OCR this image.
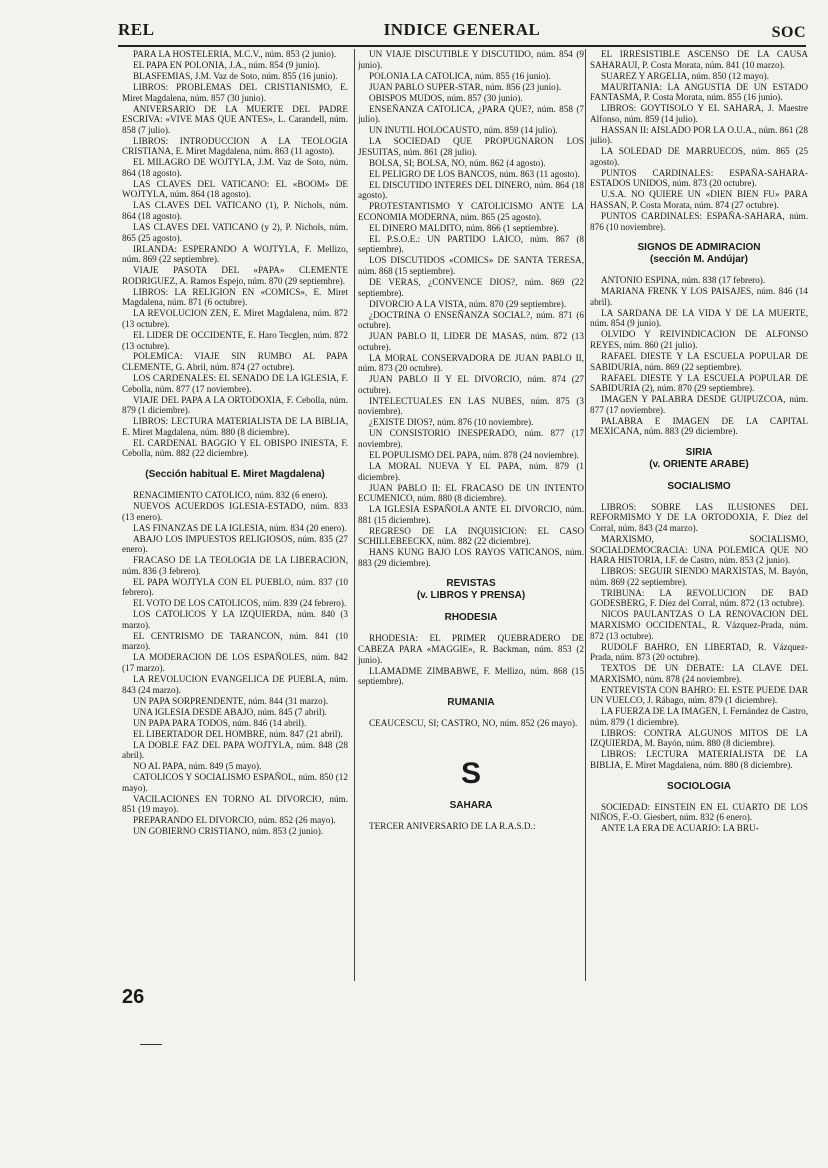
REL	INDICE GENERAL	SOC
PARA LA HOSTELERIA, M.C.V., núm. 853 (2 junio).
EL PAPA EN POLONIA, J.A., núm. 854 (9 junio).
BLASFEMIAS, J.M. Vaz de Soto, núm. 855 (16 junio).
LIBROS: PROBLEMAS DEL CRISTIANISMO, E. Miret Magdalena, núm. 857 (30 junio).
ANIVERSARIO DE LA MUERTE DEL PADRE ESCRIVA: «VIVE MAS QUE ANTES», L. Carandell, núm. 858 (7 julio).
LIBROS: INTRODUCCION A LA TEOLOGIA CRISTIANA, E. Miret Magdalena, núm. 863 (11 agosto).
EL MILAGRO DE WOJTYLA, J.M. Vaz de Soto, núm. 864 (18 agosto).
LAS CLAVES DEL VATICANO: EL «BOOM» DE WOJTYLA, núm. 864 (18 agosto).
LAS CLAVES DEL VATICANO (1), P. Nichols, núm. 864 (18 agosto).
LAS CLAVES DEL VATICANO (y 2), P. Nichols, núm. 865 (25 agosto).
IRLANDA: ESPERANDO A WOJTYLA, F. Mellizo, núm. 869 (22 septiembre).
VIAJE PASOTA DEL «PAPA» CLEMENTE RODRIGUEZ, A. Ramos Espejo, núm. 870 (29 septiembre).
LIBROS: LA RELIGION EN «COMICS», E. Miret Magdalena, núm. 871 (6 octubre).
LA REVOLUCION ZEN, E. Miret Magdalena, núm. 872 (13 octubre).
EL LIDER DE OCCIDENTE, E. Haro Tecglen, núm. 872 (13 octubre).
POLEMICA: VIAJE SIN RUMBO AL PAPA CLEMENTE, G. Abril, núm. 874 (27 octubre).
LOS CARDENALES: EL SENADO DE LA IGLESIA, F. Cebolla, núm. 877 (17 noviembre).
VIAJE DEL PAPA A LA ORTODOXIA, F. Cebolla, núm. 879 (1 diciembre).
LIBROS: LECTURA MATERIALISTA DE LA BIBLIA, E. Miret Magdalena, núm. 880 (8 diciembre).
EL CARDENAL BAGGIO Y EL OBISPO INIESTA, F. Cebolla, núm. 882 (22 diciembre).
(Sección habitual E. Miret Magdalena)
RENACIMIENTO CATOLICO, núm. 832 (6 enero).
NUEVOS ACUERDOS IGLESIA-ESTADO, núm. 833 (13 enero).
LAS FINANZAS DE LA IGLESIA, núm. 834 (20 enero).
ABAJO LOS IMPUESTOS RELIGIOSOS, núm. 835 (27 enero).
FRACASO DE LA TEOLOGIA DE LA LIBERACION, núm. 836 (3 febrero).
EL PAPA WOJTYLA CON EL PUEBLO, núm. 837 (10 febrero).
EL VOTO DE LOS CATOLICOS, núm. 839 (24 febrero).
LOS CATOLICOS Y LA IZQUIERDA, núm. 840 (3 marzo).
EL CENTRISMO DE TARANCON, núm. 841 (10 marzo).
LA MODERACION DE LOS ESPAÑOLES, núm. 842 (17 marzo).
LA REVOLUCION EVANGELICA DE PUEBLA, núm. 843 (24 marzo).
UN PAPA SORPRENDENTE, núm. 844 (31 marzo).
UNA IGLESIA DESDE ABAJO, núm. 845 (7 abril).
UN PAPA PARA TODOS, núm. 846 (14 abril).
EL LIBERTADOR DEL HOMBRE, núm. 847 (21 abril).
LA DOBLE FAZ DEL PAPA WOJTYLA, núm. 848 (28 abril).
NO AL PAPA, núm. 849 (5 mayo).
CATOLICOS Y SOCIALISMO ESPAÑOL, núm. 850 (12 mayo).
VACILACIONES EN TORNO AL DIVORCIO, núm. 851 (19 mayo).
PREPARANDO EL DIVORCIO, núm. 852 (26 mayo).
UN GOBIERNO CRISTIANO, núm. 853 (2 junio).
UN VIAJE DISCUTIBLE Y DISCUTIDO, núm. 854 (9 junio).
POLONIA LA CATOLICA, núm. 855 (16 junio).
JUAN PABLO SUPER-STAR, núm. 856 (23 junio).
OBISPOS MUDOS, núm. 857 (30 junio).
ENSEÑANZA CATOLICA, ¿PARA QUE?, núm. 858 (7 julio).
UN INUTIL HOLOCAUSTO, núm. 859 (14 julio).
LA SOCIEDAD QUE PROPUGNARON LOS JESUITAS, núm. 861 (28 julio).
BOLSA, SI; BOLSA, NO, núm. 862 (4 agosto).
EL PELIGRO DE LOS BANCOS, núm. 863 (11 agosto).
EL DISCUTIDO INTERES DEL DINERO, núm. 864 (18 agosto).
PROTESTANTISMO Y CATOLICISMO ANTE LA ECONOMIA MODERNA, núm. 865 (25 agosto).
EL DINERO MALDITO, núm. 866 (1 septiembre).
EL P.S.O.E.: UN PARTIDO LAICO, núm. 867 (8 septiembre).
LOS DISCUTIDOS «COMICS» DE SANTA TERESA, núm. 868 (15 septiembre).
DE VERAS, ¿CONVENCE DIOS?, núm. 869 (22 septiembre).
DIVORCIO A LA VISTA, núm. 870 (29 septiembre).
¿DOCTRINA O ENSEÑANZA SOCIAL?, núm. 871 (6 octubre).
JUAN PABLO II, LIDER DE MASAS, núm. 872 (13 octubre).
LA MORAL CONSERVADORA DE JUAN PABLO II, núm. 873 (20 octubre).
JUAN PABLO II Y EL DIVORCIO, núm. 874 (27 octubre).
INTELECTUALES EN LAS NUBES, núm. 875 (3 noviembre).
¿EXISTE DIOS?, núm. 876 (10 noviembre).
UN CONSISTORIO INESPERADO, núm. 877 (17 noviembre).
EL POPULISMO DEL PAPA, núm. 878 (24 noviembre).
LA MORAL NUEVA Y EL PAPA, núm. 879 (1 diciembre).
JUAN PABLO II: EL FRACASO DE UN INTENTO ECUMENICO, núm. 880 (8 diciembre).
LA IGLESIA ESPAÑOLA ANTE EL DIVORCIO, núm. 881 (15 diciembre).
REGRESO DE LA INQUISICION: EL CASO SCHILLEBEECKX, núm. 882 (22 diciembre).
HANS KUNG BAJO LOS RAYOS VATICANOS, núm. 883 (29 diciembre).
REVISTAS
(v. LIBROS Y PRENSA)
RHODESIA
RHODESIA: EL PRIMER QUEBRADERO DE CABEZA PARA «MAGGIE», R. Backman, núm. 853 (2 junio).
LLAMADME ZIMBABWE, F. Mellizo, núm. 868 (15 septiembre).
RUMANIA
CEAUCESCU, SI; CASTRO, NO, núm. 852 (26 mayo).
S
SAHARA
TERCER ANIVERSARIO DE LA R.A.S.D.:
EL IRRESISTIBLE ASCENSO DE LA CAUSA SAHARAUI, P. Costa Morata, núm. 841 (10 marzo).
SUAREZ Y ARGELIA, núm. 850 (12 mayo).
MAURITANIA: LA ANGUSTIA DE UN ESTADO FANTASMA, P. Costa Morata, núm. 855 (16 junio).
LIBROS: GOYTISOLO Y EL SAHARA, J. Maestre Alfonso, núm. 859 (14 julio).
HASSAN II: AISLADO POR LA O.U.A., núm. 861 (28 julio).
LA SOLEDAD DE MARRUECOS, núm. 865 (25 agosto).
PUNTOS CARDINALES: ESPAÑA-SAHARA-ESTADOS UNIDOS, núm. 873 (20 octubre).
U.S.A. NO QUIERE UN «DIEN BIEN FU» PARA HASSAN, P. Costa Morata, núm. 874 (27 octubre).
PUNTOS CARDINALES: ESPAÑA-SAHARA, núm. 876 (10 noviembre).
SIGNOS DE ADMIRACION
(sección M. Andújar)
ANTONIO ESPINA, núm. 838 (17 febrero).
MARIANA FRENK Y LOS PAISAJES, núm. 846 (14 abril).
LA SARDANA DE LA VIDA Y DE LA MUERTE, núm. 854 (9 junio).
OLVIDO Y REIVINDICACION DE ALFONSO REYES, núm. 860 (21 julio).
RAFAEL DIESTE Y LA ESCUELA POPULAR DE SABIDURIA, núm. 869 (22 septiembre).
RAFAEL DIESTE Y LA ESCUELA POPULAR DE SABIDURIA (2), núm. 870 (29 septiembre).
IMAGEN Y PALABRA DESDE GUIPUZCOA, núm. 877 (17 noviembre).
PALABRA E IMAGEN DE LA CAPITAL MEXICANA, núm. 883 (29 diciembre).
SIRIA
(v. ORIENTE ARABE)
SOCIALISMO
LIBROS: SOBRE LAS ILUSIONES DEL REFORMISMO Y DE LA ORTODOXIA, F. Díez del Corral, núm. 843 (24 marzo).
MARXISMO, SOCIALISMO, SOCIALDEMOCRACIA: UNA POLEMICA QUE NO HARA HISTORIA, I.F. de Castro, núm. 853 (2 junio).
LIBROS: SEGUIR SIENDO MARXISTAS, M. Bayón, núm. 869 (22 septiembre).
TRIBUNA: LA REVOLUCION DE BAD GODESBERG, F. Díez del Corral, núm. 872 (13 octubre).
NICOS PAULANTZAS O LA RENOVACION DEL MARXISMO OCCIDENTAL, R. Vázquez-Prada, núm. 872 (13 octubre).
RUDOLF BAHRO, EN LIBERTAD, R. Vázquez-Prada, núm. 873 (20 octubre).
TEXTOS DE UN DEBATE: LA CLAVE DEL MARXISMO, núm. 878 (24 noviembre).
ENTREVISTA CON BAHRO: EL ESTE PUEDE DAR UN VUELCO, J. Rábago, núm. 879 (1 diciembre).
LA FUERZA DE LA IMAGEN, I. Fernández de Castro, núm. 879 (1 diciembre).
LIBROS: CONTRA ALGUNOS MITOS DE LA IZQUIERDA, M. Bayón, núm. 880 (8 diciembre).
LIBROS: LECTURA MATERIALISTA DE LA BIBLIA, E. Miret Magdalena, núm. 880 (8 diciembre).
SOCIOLOGIA
SOCIEDAD: EINSTEIN EN EL CUARTO DE LOS NIÑOS, F.-O. Giesbert, núm. 832 (6 enero).
ANTE LA ERA DE ACUARIO: LA BRU-
26
